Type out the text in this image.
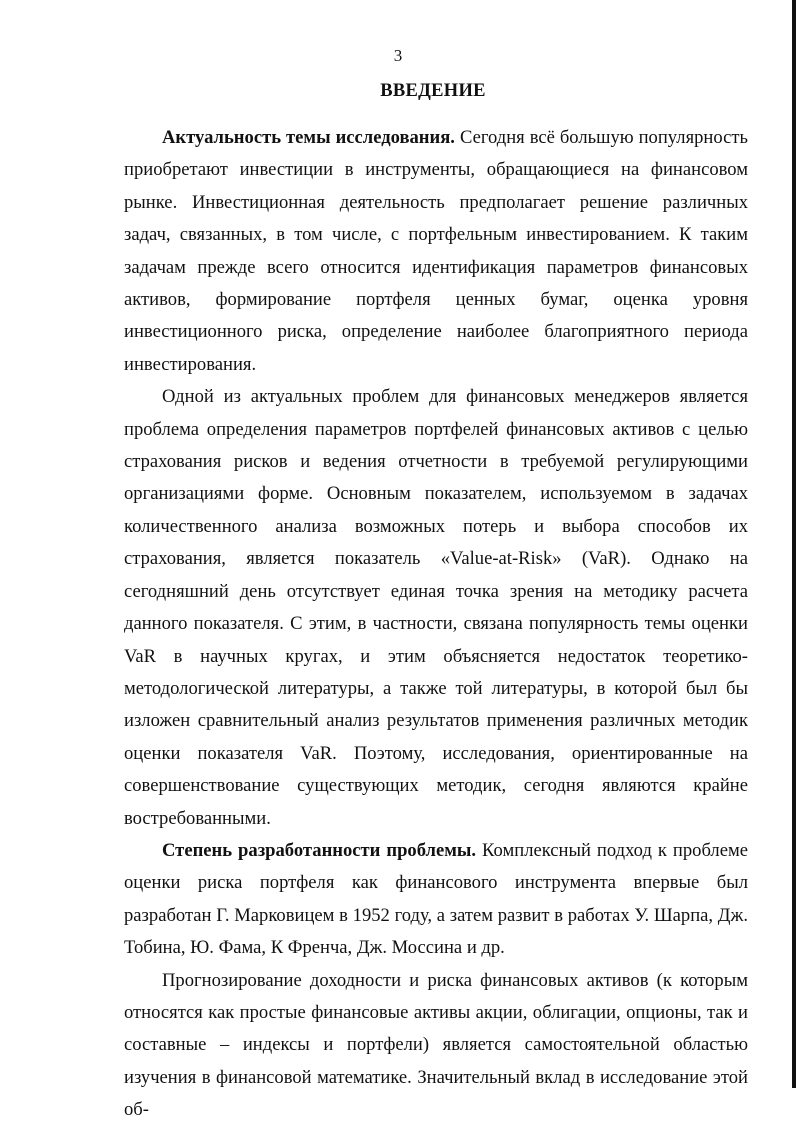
3
ВВЕДЕНИЕ

Актуальность темы исследования. Сегодня всё большую популярность приобретают инвестиции в инструменты, обращающиеся на финансовом рынке. Инвестиционная деятельность предполагает решение различных задач, связанных, в том числе, с портфельным инвестированием. К таким задачам прежде всего относится идентификация параметров финансовых активов, формирование портфеля ценных бумаг, оценка уровня инвестиционного риска, определение наиболее благоприятного периода инвестирования.

Одной из актуальных проблем для финансовых менеджеров является проблема определения параметров портфелей финансовых активов с целью страхования рисков и ведения отчетности в требуемой регулирующими организациями форме. Основным показателем, используемом в задачах количественного анализа возможных потерь и выбора способов их страхования, является показатель «Value-at-Risk» (VaR). Однако на сегодняшний день отсутствует единая точка зрения на методику расчета данного показателя. С этим, в частности, связана популярность темы оценки VaR в научных кругах, и этим объясняется недостаток теоретико-методологической литературы, а также той литературы, в которой был бы изложен сравнительный анализ результатов применения различных методик оценки показателя VaR. Поэтому, исследования, ориентированные на совершенствование существующих методик, сегодня являются крайне востребованными.

Степень разработанности проблемы. Комплексный подход к проблеме оценки риска портфеля как финансового инструмента впервые был разработан Г. Марковицем в 1952 году, а затем развит в работах У. Шарпа, Дж. Тобина, Ю. Фама, К Френча, Дж. Моссина и др.

Прогнозирование доходности и риска финансовых активов (к которым относятся как простые финансовые активы акции, облигации, опционы, так и составные – индексы и портфели) является самостоятельной областью изучения в финансовой математике. Значительный вклад в исследование этой об-
